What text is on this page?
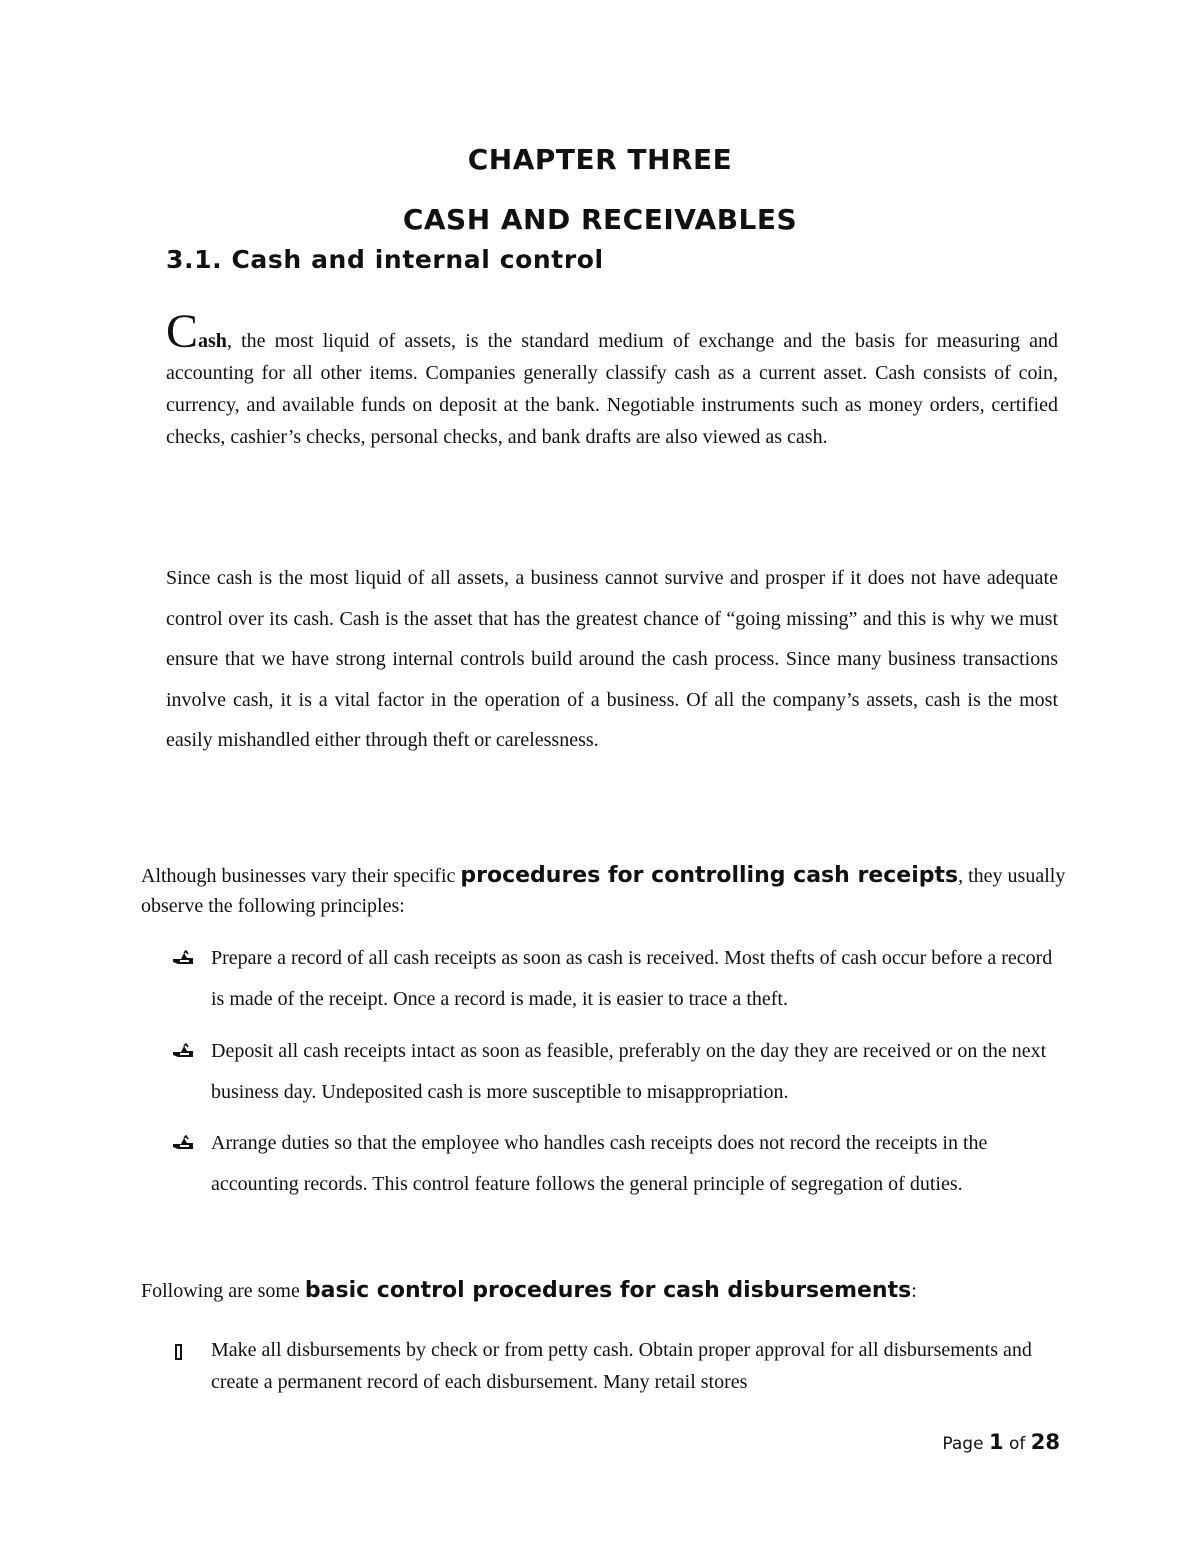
CHAPTER THREE
CASH AND RECEIVABLES
3.1. Cash and internal control

Cash, the most liquid of assets, is the standard medium of exchange and the basis for measuring and accounting for all other items. Companies generally classify cash as a current asset. Cash consists of coin, currency, and available funds on deposit at the bank. Negotiable instruments such as money orders, certified checks, cashier’s checks, personal checks, and bank drafts are also viewed as cash.

Since cash is the most liquid of all assets, a business cannot survive and prosper if it does not have adequate control over its cash. Cash is the asset that has the greatest chance of “going missing” and this is why we must ensure that we have strong internal controls build around the cash process. Since many business transactions involve cash, it is a vital factor in the operation of a business. Of all the company’s assets, cash is the most easily mishandled either through theft or carelessness.

Although businesses vary their specific procedures for controlling cash receipts, they usually observe the following principles:

Prepare a record of all cash receipts as soon as cash is received. Most thefts of cash occur before a record is made of the receipt. Once a record is made, it is easier to trace a theft.

Deposit all cash receipts intact as soon as feasible, preferably on the day they are received or on the next business day. Undeposited cash is more susceptible to misappropriation.

Arrange duties so that the employee who handles cash receipts does not record the receipts in the accounting records. This control feature follows the general principle of segregation of duties.

Following are some basic control procedures for cash disbursements:

Make all disbursements by check or from petty cash. Obtain proper approval for all disbursements and create a permanent record of each disbursement. Many retail stores

Page 1 of 28
